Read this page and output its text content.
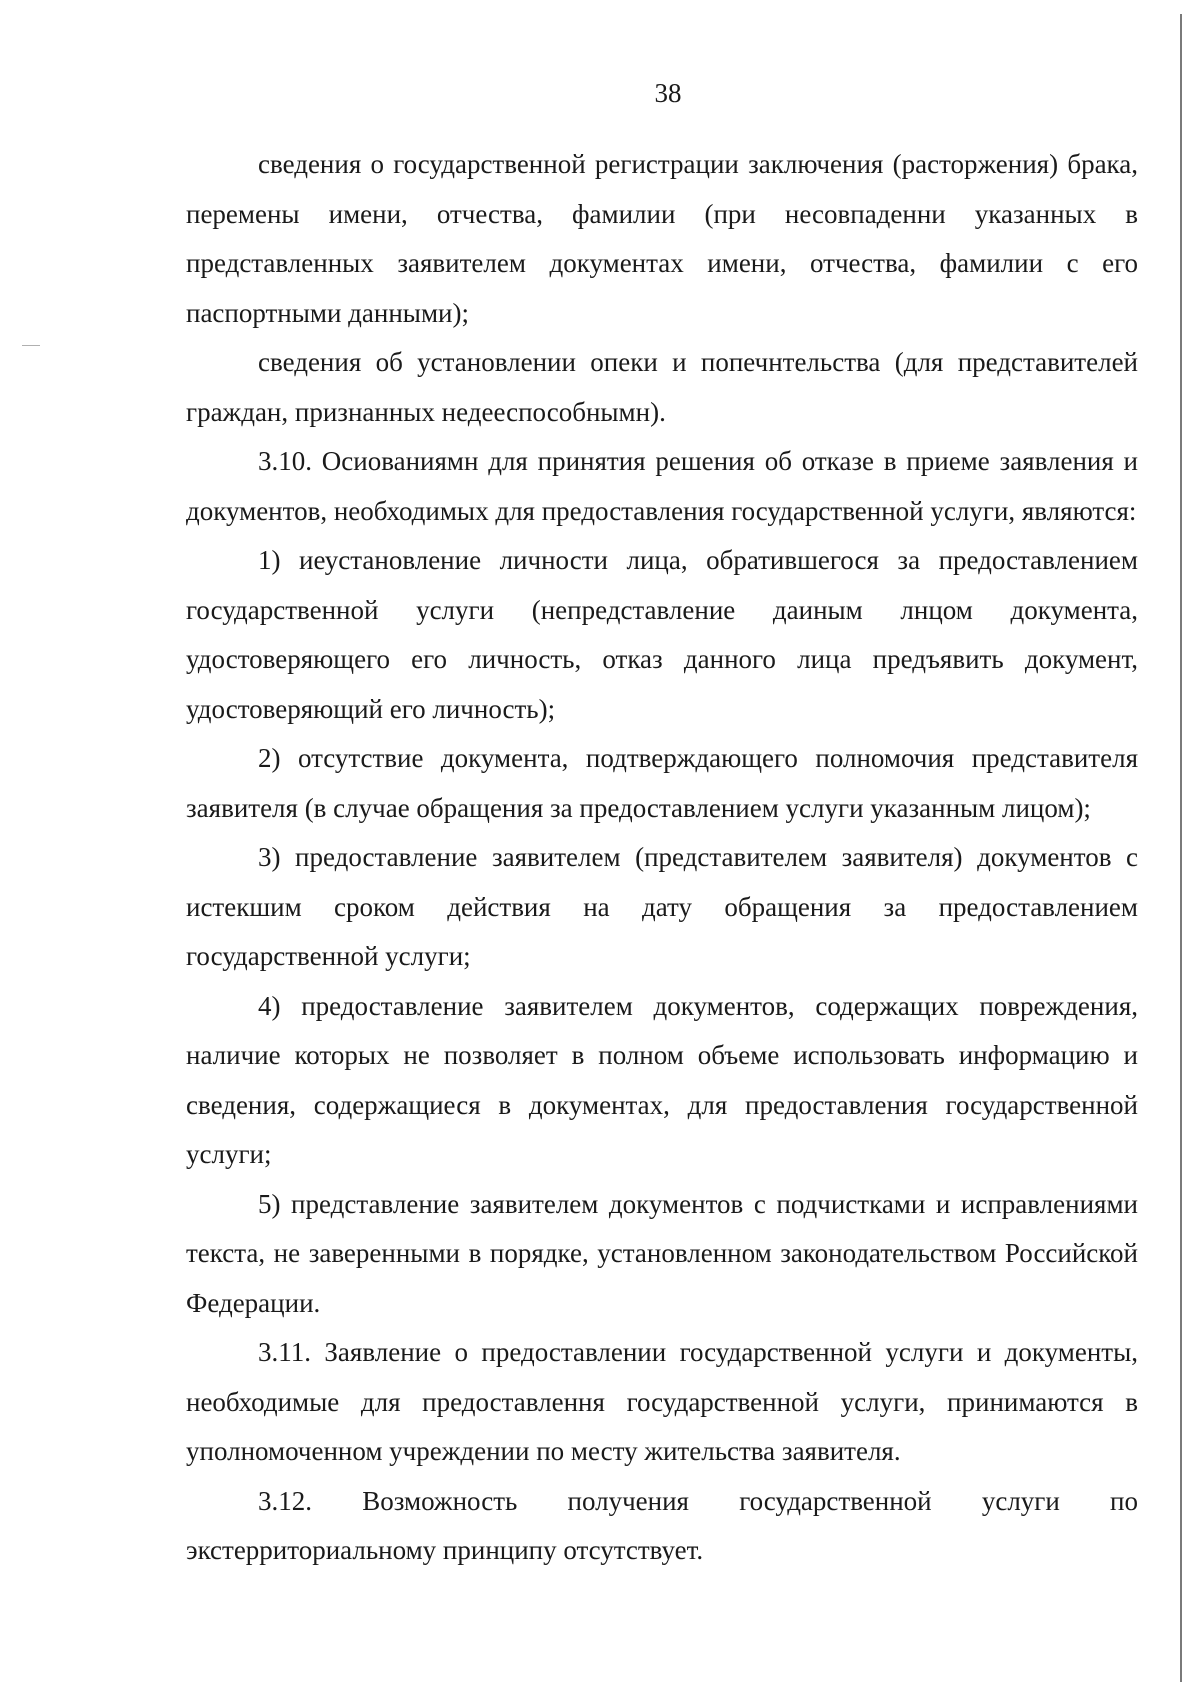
38

сведения о государственной регистрации заключения (расторжения) брака, перемены имени, отчества, фамилии (при несовпаденни указанных в представленных заявителем документах имени, отчества, фамилии с его паспортными данными);

сведения об установлении опеки и попечнтельства (для представителей граждан, признанных недееспособнымн).

3.10. Осиованиямн для принятия решения об отказе в приеме заявления и документов, необходимых для предоставления государственной услуги, являются:

1) иеустановление личности лица, обратившегося за предоставлением государственной услуги (непредставление даиным лнцом документа, удостоверяющего его личность, отказ данного лица предъявить документ, удостоверяющий его личность);

2) отсутствие документа, подтверждающего полномочия представителя заявителя (в случае обращения за предоставлением услуги указанным лицом);

3) предоставление заявителем (представителем заявителя) документов с истекшим сроком действия на дату обращения за предоставлением государственной услуги;

4) предоставление заявителем документов, содержащих повреждения, наличие которых не позволяет в полном объеме использовать информацию и сведения, содержащиеся в документах, для предоставления государственной услуги;

5) представление заявителем документов с подчистками и исправлениями текста, не заверенными в порядке, установленном законодательством Российской Федерации.

3.11. Заявление о предоставлении государственной услуги и документы, необходимые для предоставлення государственной услуги, принимаются в уполномоченном учреждении по месту жительства заявителя.

3.12. Возможность получения государственной услуги по экстерриториальному принципу отсутствует.
